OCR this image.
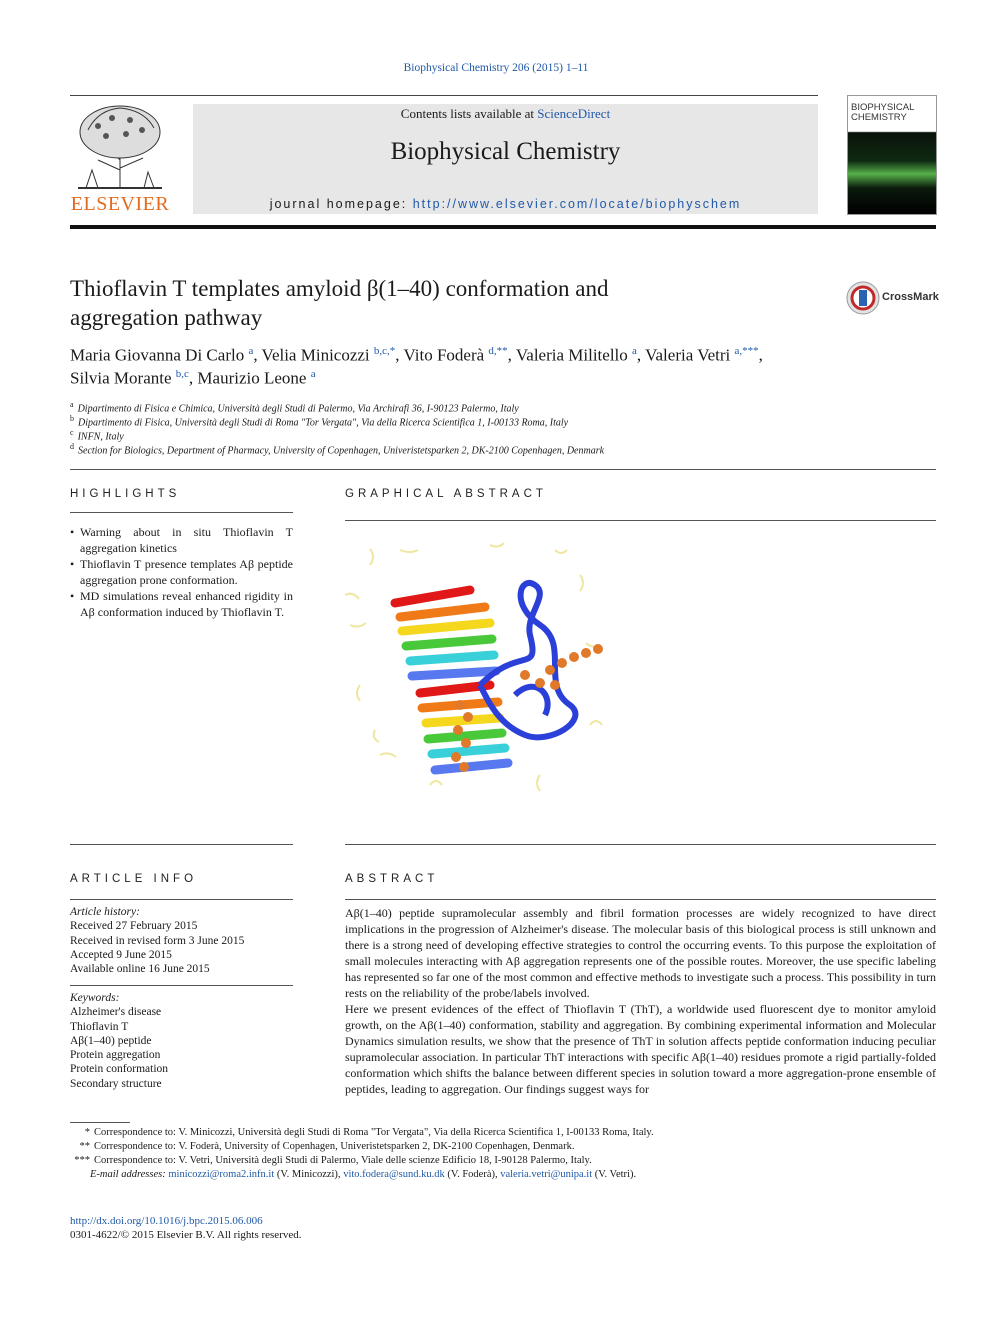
Biophysical Chemistry 206 (2015) 1–11
Contents lists available at ScienceDirect
Biophysical Chemistry
journal homepage: http://www.elsevier.com/locate/biophyschem
ELSEVIER
BIOPHYSICAL CHEMISTRY
Thioflavin T templates amyloid β(1–40) conformation and aggregation pathway
CrossMark
Maria Giovanna Di Carlo $^a$, Velia Minicozzi $^{b,c,*}$, Vito Foderà $^{d,**}$, Valeria Militello $^a$, Valeria Vetri $^{a,***}$,
Silvia Morante $^{b,c}$, Maurizio Leone $^a$
$^a$ Dipartimento di Fisica e Chimica, Università degli Studi di Palermo, Via Archirafi 36, I-90123 Palermo, Italy
$^b$ Dipartimento di Fisica, Università degli Studi di Roma "Tor Vergata", Via della Ricerca Scientifica 1, I-00133 Roma, Italy
$^c$ INFN, Italy
$^d$ Section for Biologics, Department of Pharmacy, University of Copenhagen, Univeristetsparken 2, DK-2100 Copenhagen, Denmark
HIGHLIGHTS
• Warning about in situ Thioflavin T aggregation kinetics
• Thioflavin T presence templates Aβ peptide aggregation prone conformation.
• MD simulations reveal enhanced rigidity in Aβ conformation induced by Thioflavin T.
GRAPHICAL ABSTRACT
ARTICLE INFO
Article history:
Received 27 February 2015
Received in revised form 3 June 2015
Accepted 9 June 2015
Available online 16 June 2015
Keywords:
Alzheimer's disease
Thioflavin T
Aβ(1–40) peptide
Protein aggregation
Protein conformation
Secondary structure
ABSTRACT

Aβ(1–40) peptide supramolecular assembly and fibril formation processes are widely recognized to have direct implications in the progression of Alzheimer's disease. The molecular basis of this biological process is still unknown and there is a strong need of developing effective strategies to control the occurring events. To this purpose the exploitation of small molecules interacting with Aβ aggregation represents one of the possible routes. Moreover, the use specific labeling has represented so far one of the most common and effective methods to investigate such a process. This possibility in turn rests on the reliability of the probe/labels involved.

Here we present evidences of the effect of Thioflavin T (ThT), a worldwide used fluorescent dye to monitor amyloid growth, on the Aβ(1–40) conformation, stability and aggregation. By combining experimental information and Molecular Dynamics simulation results, we show that the presence of ThT in solution affects peptide conformation inducing peculiar supramolecular association. In particular ThT interactions with specific Aβ(1–40) residues promote a rigid partially-folded conformation which shifts the balance between different species in solution toward a more aggregation-prone ensemble of peptides, leading to aggregation. Our findings suggest ways for

* Correspondence to: V. Minicozzi, Università degli Studi di Roma "Tor Vergata", Via della Ricerca Scientifica 1, I-00133 Roma, Italy.
** Correspondence to: V. Foderà, University of Copenhagen, Univeristetsparken 2, DK-2100 Copenhagen, Denmark.
*** Correspondence to: V. Vetri, Università degli Studi di Palermo, Viale delle scienze Edificio 18, I-90128 Palermo, Italy.
E-mail addresses: minicozzi@roma2.infn.it (V. Minicozzi), vito.fodera@sund.ku.dk (V. Foderà), valeria.vetri@unipa.it (V. Vetri).
http://dx.doi.org/10.1016/j.bpc.2015.06.006
0301-4622/© 2015 Elsevier B.V. All rights reserved.
